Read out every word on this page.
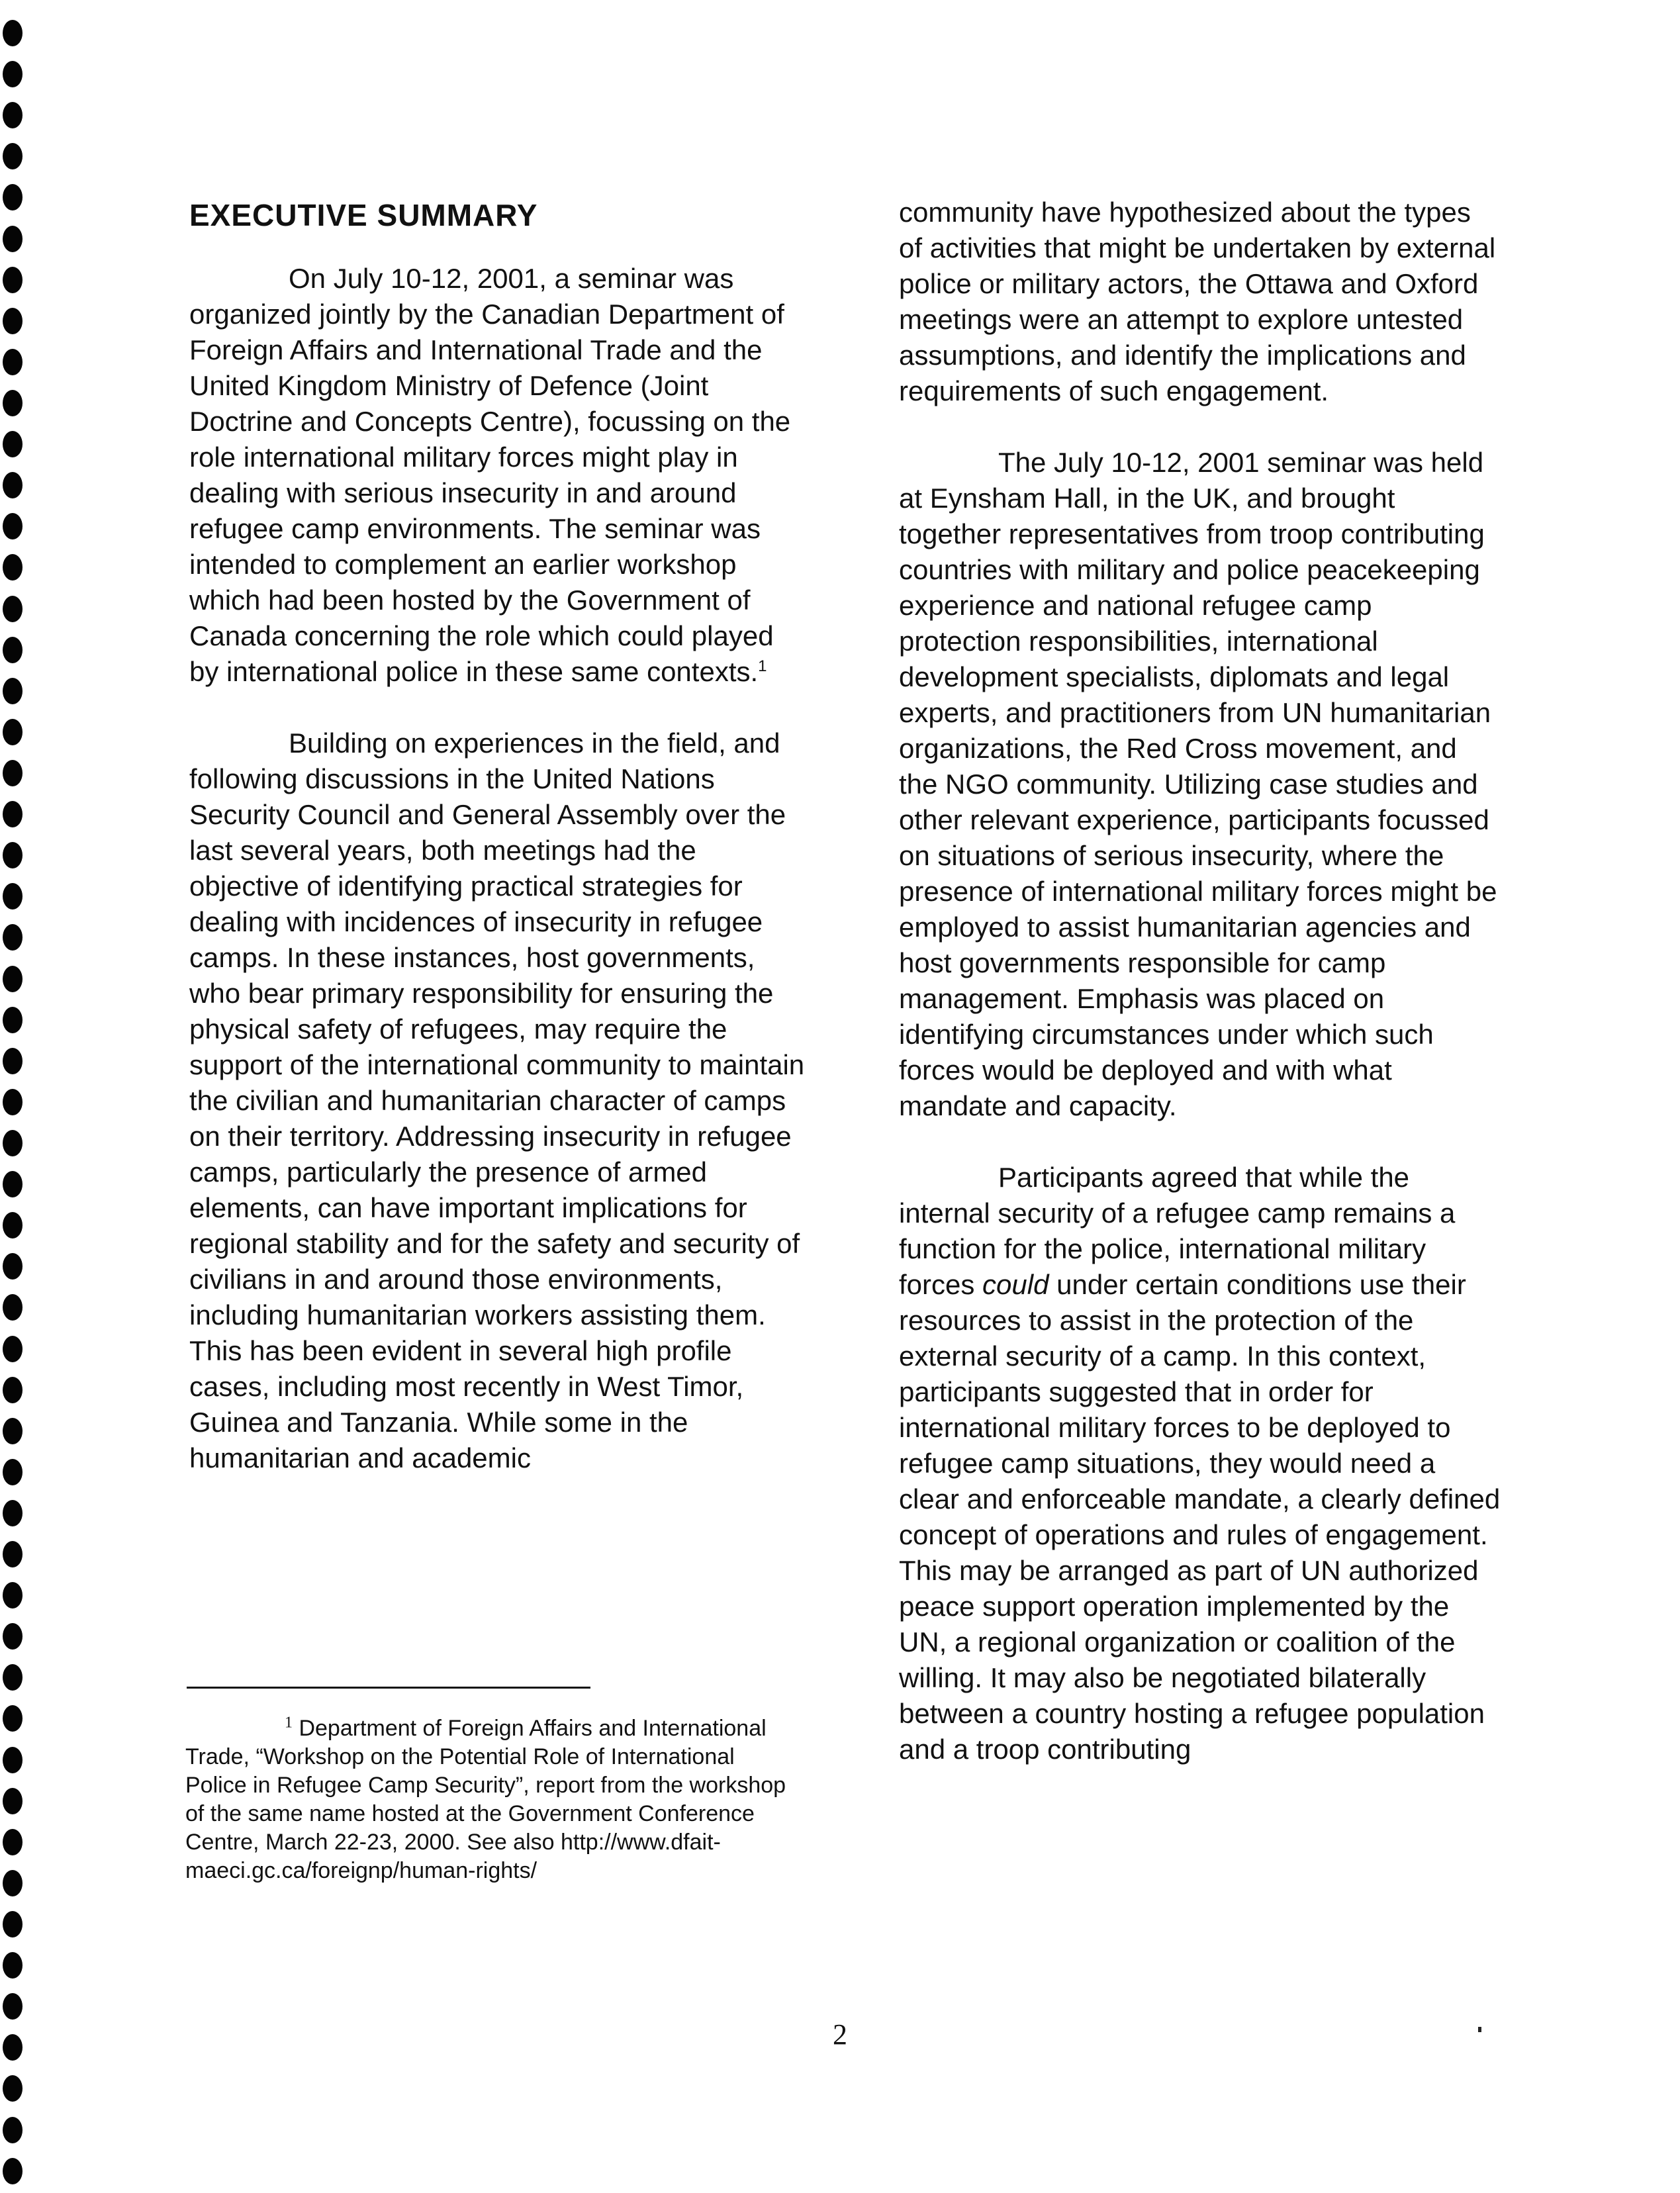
EXECUTIVE SUMMARY

On July 10-12, 2001, a seminar was organized jointly by the Canadian Department of Foreign Affairs and International Trade and the United Kingdom Ministry of Defence (Joint Doctrine and Concepts Centre), focussing on the role international military forces might play in dealing with serious insecurity in and around refugee camp environments. The seminar was intended to complement an earlier workshop which had been hosted by the Government of Canada concerning the role which could played by international police in these same contexts.$^1$

Building on experiences in the field, and following discussions in the United Nations Security Council and General Assembly over the last several years, both meetings had the objective of identifying practical strategies for dealing with incidences of insecurity in refugee camps. In these instances, host governments, who bear primary responsibility for ensuring the physical safety of refugees, may require the support of the international community to maintain the civilian and humanitarian character of camps on their territory. Addressing insecurity in refugee camps, particularly the presence of armed elements, can have important implications for regional stability and for the safety and security of civilians in and around those environments, including humanitarian workers assisting them. This has been evident in several high profile cases, including most recently in West Timor, Guinea and Tanzania. While some in the humanitarian and academic

community have hypothesized about the types of activities that might be undertaken by external police or military actors, the Ottawa and Oxford meetings were an attempt to explore untested assumptions, and identify the implications and requirements of such engagement.

The July 10-12, 2001 seminar was held at Eynsham Hall, in the UK, and brought together representatives from troop contributing countries with military and police peacekeeping experience and national refugee camp protection responsibilities, international development specialists, diplomats and legal experts, and practitioners from UN humanitarian organizations, the Red Cross movement, and the NGO community. Utilizing case studies and other relevant experience, participants focussed on situations of serious insecurity, where the presence of international military forces might be employed to assist humanitarian agencies and host governments responsible for camp management. Emphasis was placed on identifying circumstances under which such forces would be deployed and with what mandate and capacity.

Participants agreed that while the internal security of a refugee camp remains a function for the police, international military forces could under certain conditions use their resources to assist in the protection of the external security of a camp. In this context, participants suggested that in order for international military forces to be deployed to refugee camp situations, they would need a clear and enforceable mandate, a clearly defined concept of operations and rules of engagement. This may be arranged as part of UN authorized peace support operation implemented by the UN, a regional organization or coalition of the willing. It may also be negotiated bilaterally between a country hosting a refugee population and a troop contributing

$^1$ Department of Foreign Affairs and International Trade, “Workshop on the Potential Role of International Police in Refugee Camp Security”, report from the workshop of the same name hosted at the Government Conference Centre, March 22-23, 2000. See also http://www.dfait-maeci.gc.ca/foreignp/human-rights/
2
